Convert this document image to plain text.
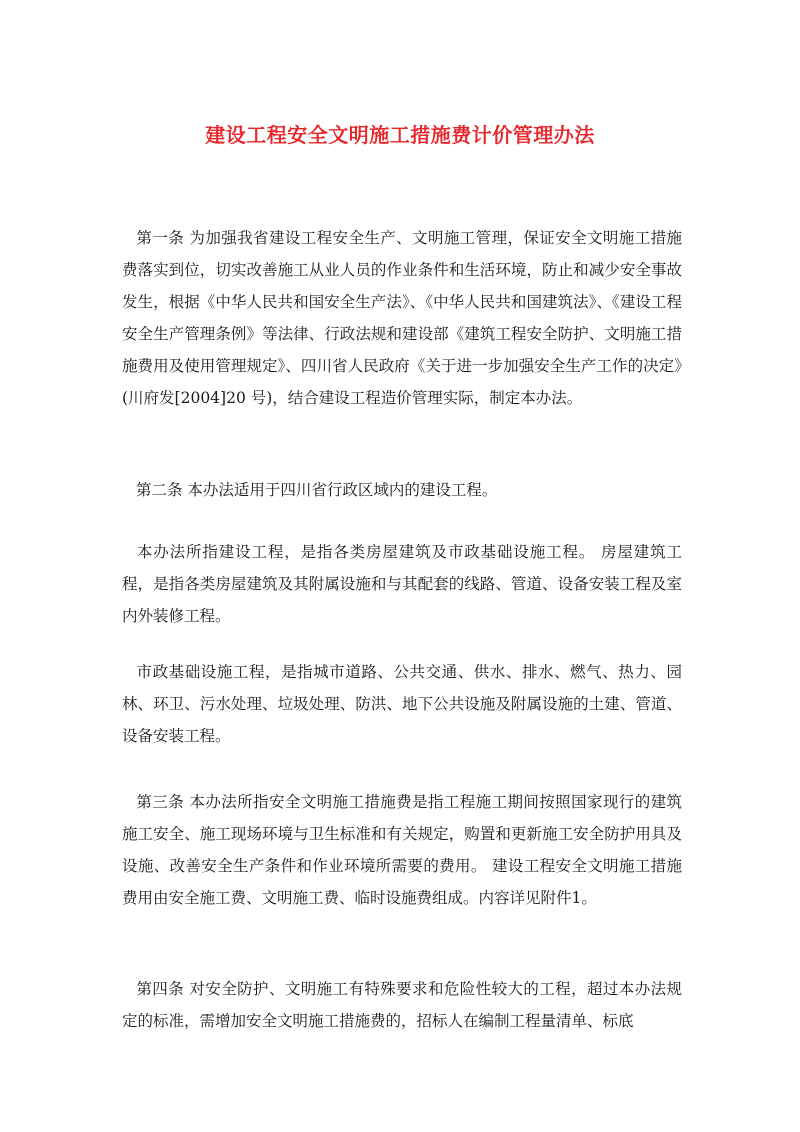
建设工程安全文明施工措施费计价管理办法

第一条 为加强我省建设工程安全生产、文明施工管理，保证安全文明施工措施费落实到位，切实改善施工从业人员的作业条件和生活环境，防止和减少安全事故发生，根据《中华人民共和国安全生产法》、《中华人民共和国建筑法》、《建设工程安全生产管理条例》等法律、行政法规和建设部《建筑工程安全防护、文明施工措施费用及使用管理规定》、四川省人民政府《关于进一步加强安全生产工作的决定》(川府发[2004]20 号)，结合建设工程造价管理实际，制定本办法。

第二条 本办法适用于四川省行政区域内的建设工程。

本办法所指建设工程，是指各类房屋建筑及市政基础设施工程。 房屋建筑工程，是指各类房屋建筑及其附属设施和与其配套的线路、管道、设备安装工程及室内外装修工程。

市政基础设施工程，是指城市道路、公共交通、供水、排水、燃气、热力、园林、环卫、污水处理、垃圾处理、防洪、地下公共设施及附属设施的土建、管道、设备安装工程。

第三条 本办法所指安全文明施工措施费是指工程施工期间按照国家现行的建筑施工安全、施工现场环境与卫生标准和有关规定，购置和更新施工安全防护用具及设施、改善安全生产条件和作业环境所需要的费用。 建设工程安全文明施工措施费用由安全施工费、文明施工费、临时设施费组成。内容详见附件1。

第四条 对安全防护、文明施工有特殊要求和危险性较大的工程，超过本办法规定的标准，需增加安全文明施工措施费的，招标人在编制工程量清单、标底
